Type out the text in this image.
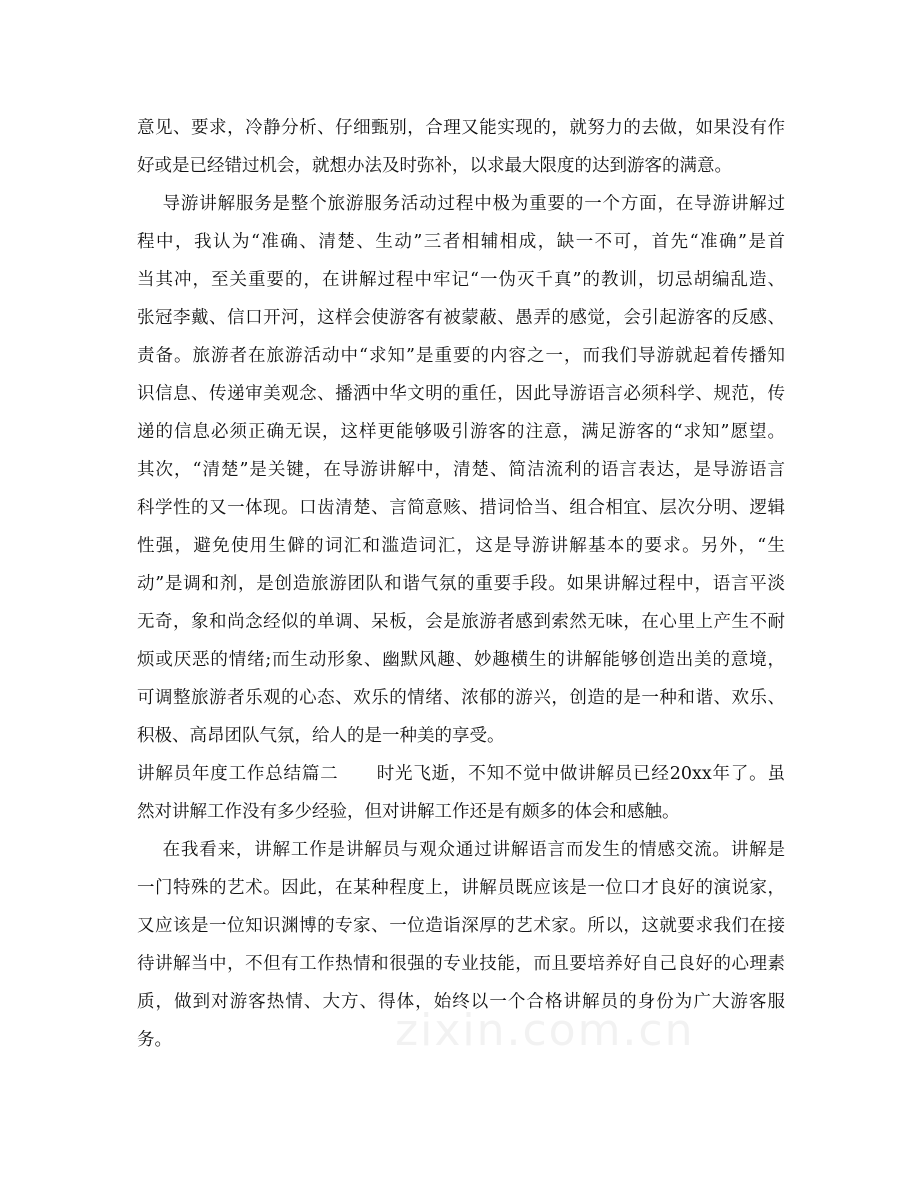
意见、要求，冷静分析、仔细甄别，合理又能实现的，就努力的去做，如果没有作
好或是已经错过机会，就想办法及时弥补，以求最大限度的达到游客的满意。
导游讲解服务是整个旅游服务活动过程中极为重要的一个方面，在导游讲解过
程中，我认为“准确、清楚、生动”三者相辅相成，缺一不可，首先“准确”是首
当其冲，至关重要的，在讲解过程中牢记“一伪灭千真”的教训，切忌胡编乱造、
张冠李戴、信口开河，这样会使游客有被蒙蔽、愚弄的感觉，会引起游客的反感、
责备。旅游者在旅游活动中“求知”是重要的内容之一，而我们导游就起着传播知
识信息、传递审美观念、播洒中华文明的重任，因此导游语言必须科学、规范，传
递的信息必须正确无误，这样更能够吸引游客的注意，满足游客的“求知”愿望。
其次，“清楚”是关键，在导游讲解中，清楚、简洁流利的语言表达，是导游语言
科学性的又一体现。口齿清楚、言简意赅、措词恰当、组合相宜、层次分明、逻辑
性强，避免使用生僻的词汇和滥造词汇，这是导游讲解基本的要求。另外，“生
动”是调和剂，是创造旅游团队和谐气氛的重要手段。如果讲解过程中，语言平淡
无奇，象和尚念经似的单调、呆板，会是旅游者感到索然无味，在心里上产生不耐
烦或厌恶的情绪;而生动形象、幽默风趣、妙趣横生的讲解能够创造出美的意境，
可调整旅游者乐观的心态、欢乐的情绪、浓郁的游兴，创造的是一种和谐、欢乐、
积极、高昂团队气氛，给人的是一种美的享受。
讲解员年度工作总结篇二      时光飞逝，不知不觉中做讲解员已经20xx年了。虽
然对讲解工作没有多少经验，但对讲解工作还是有颇多的体会和感触。
在我看来，讲解工作是讲解员与观众通过讲解语言而发生的情感交流。讲解是
一门特殊的艺术。因此，在某种程度上，讲解员既应该是一位口才良好的演说家，
又应该是一位知识渊博的专家、一位造诣深厚的艺术家。所以，这就要求我们在接
待讲解当中，不但有工作热情和很强的专业技能，而且要培养好自己良好的心理素
质，做到对游客热情、大方、得体，始终以一个合格讲解员的身份为广大游客服
务。	zixin.com.cn
